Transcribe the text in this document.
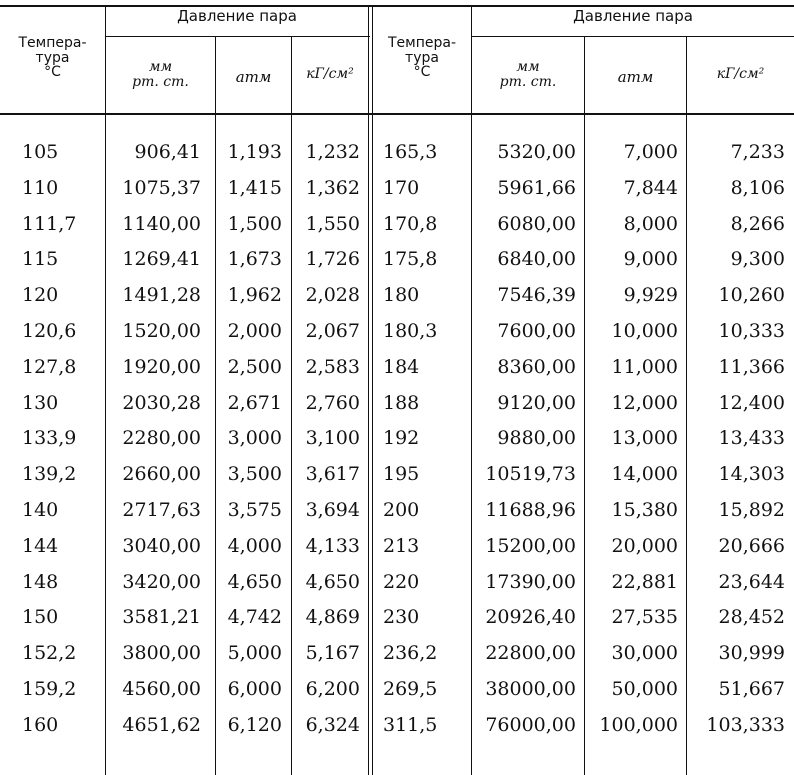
Темпера-
тура
°С
Давление пара
мм
рт. ст.	атм	кГ/см²
Темпера-
тура
°С
Давление пара
мм
рт. ст.	атм	кГ/см²
105	906,41	1,193	1,232 165,3	5320,00	7,000	7,233
110	1075,37	1,415	1,362 170	5961,66	7,844	8,106
111,7	1140,00	1,500	1,550 170,8	6080,00	8,000	8,266
115	1269,41	1,673	1,726 175,8	6840,00	9,000	9,300
120	1491,28	1,962	2,028 180	7546,39	9,929	10,260
120,6	1520,00	2,000	2,067 180,3	7600,00	10,000	10,333
127,8	1920,00	2,500	2,583 184	8360,00	11,000	11,366
130	2030,28	2,671	2,760 188	9120,00	12,000	12,400
133,9	2280,00	3,000	3,100 192	9880,00	13,000	13,433
139,2	2660,00	3,500	3,617 195	10519,73	14,000	14,303
140	2717,63	3,575	3,694 200	11688,96	15,380	15,892
144	3040,00	4,000	4,133 213	15200,00	20,000	20,666
148	3420,00	4,650	4,650 220	17390,00	22,881	23,644
150	3581,21	4,742	4,869 230	20926,40	27,535	28,452
152,2	3800,00	5,000	5,167 236,2	22800,00	30,000	30,999
159,2	4560,00	6,000	6,200 269,5	38000,00	50,000	51,667
160	4651,62	6,120	6,324 311,5	76000,00	100,000	103,333
